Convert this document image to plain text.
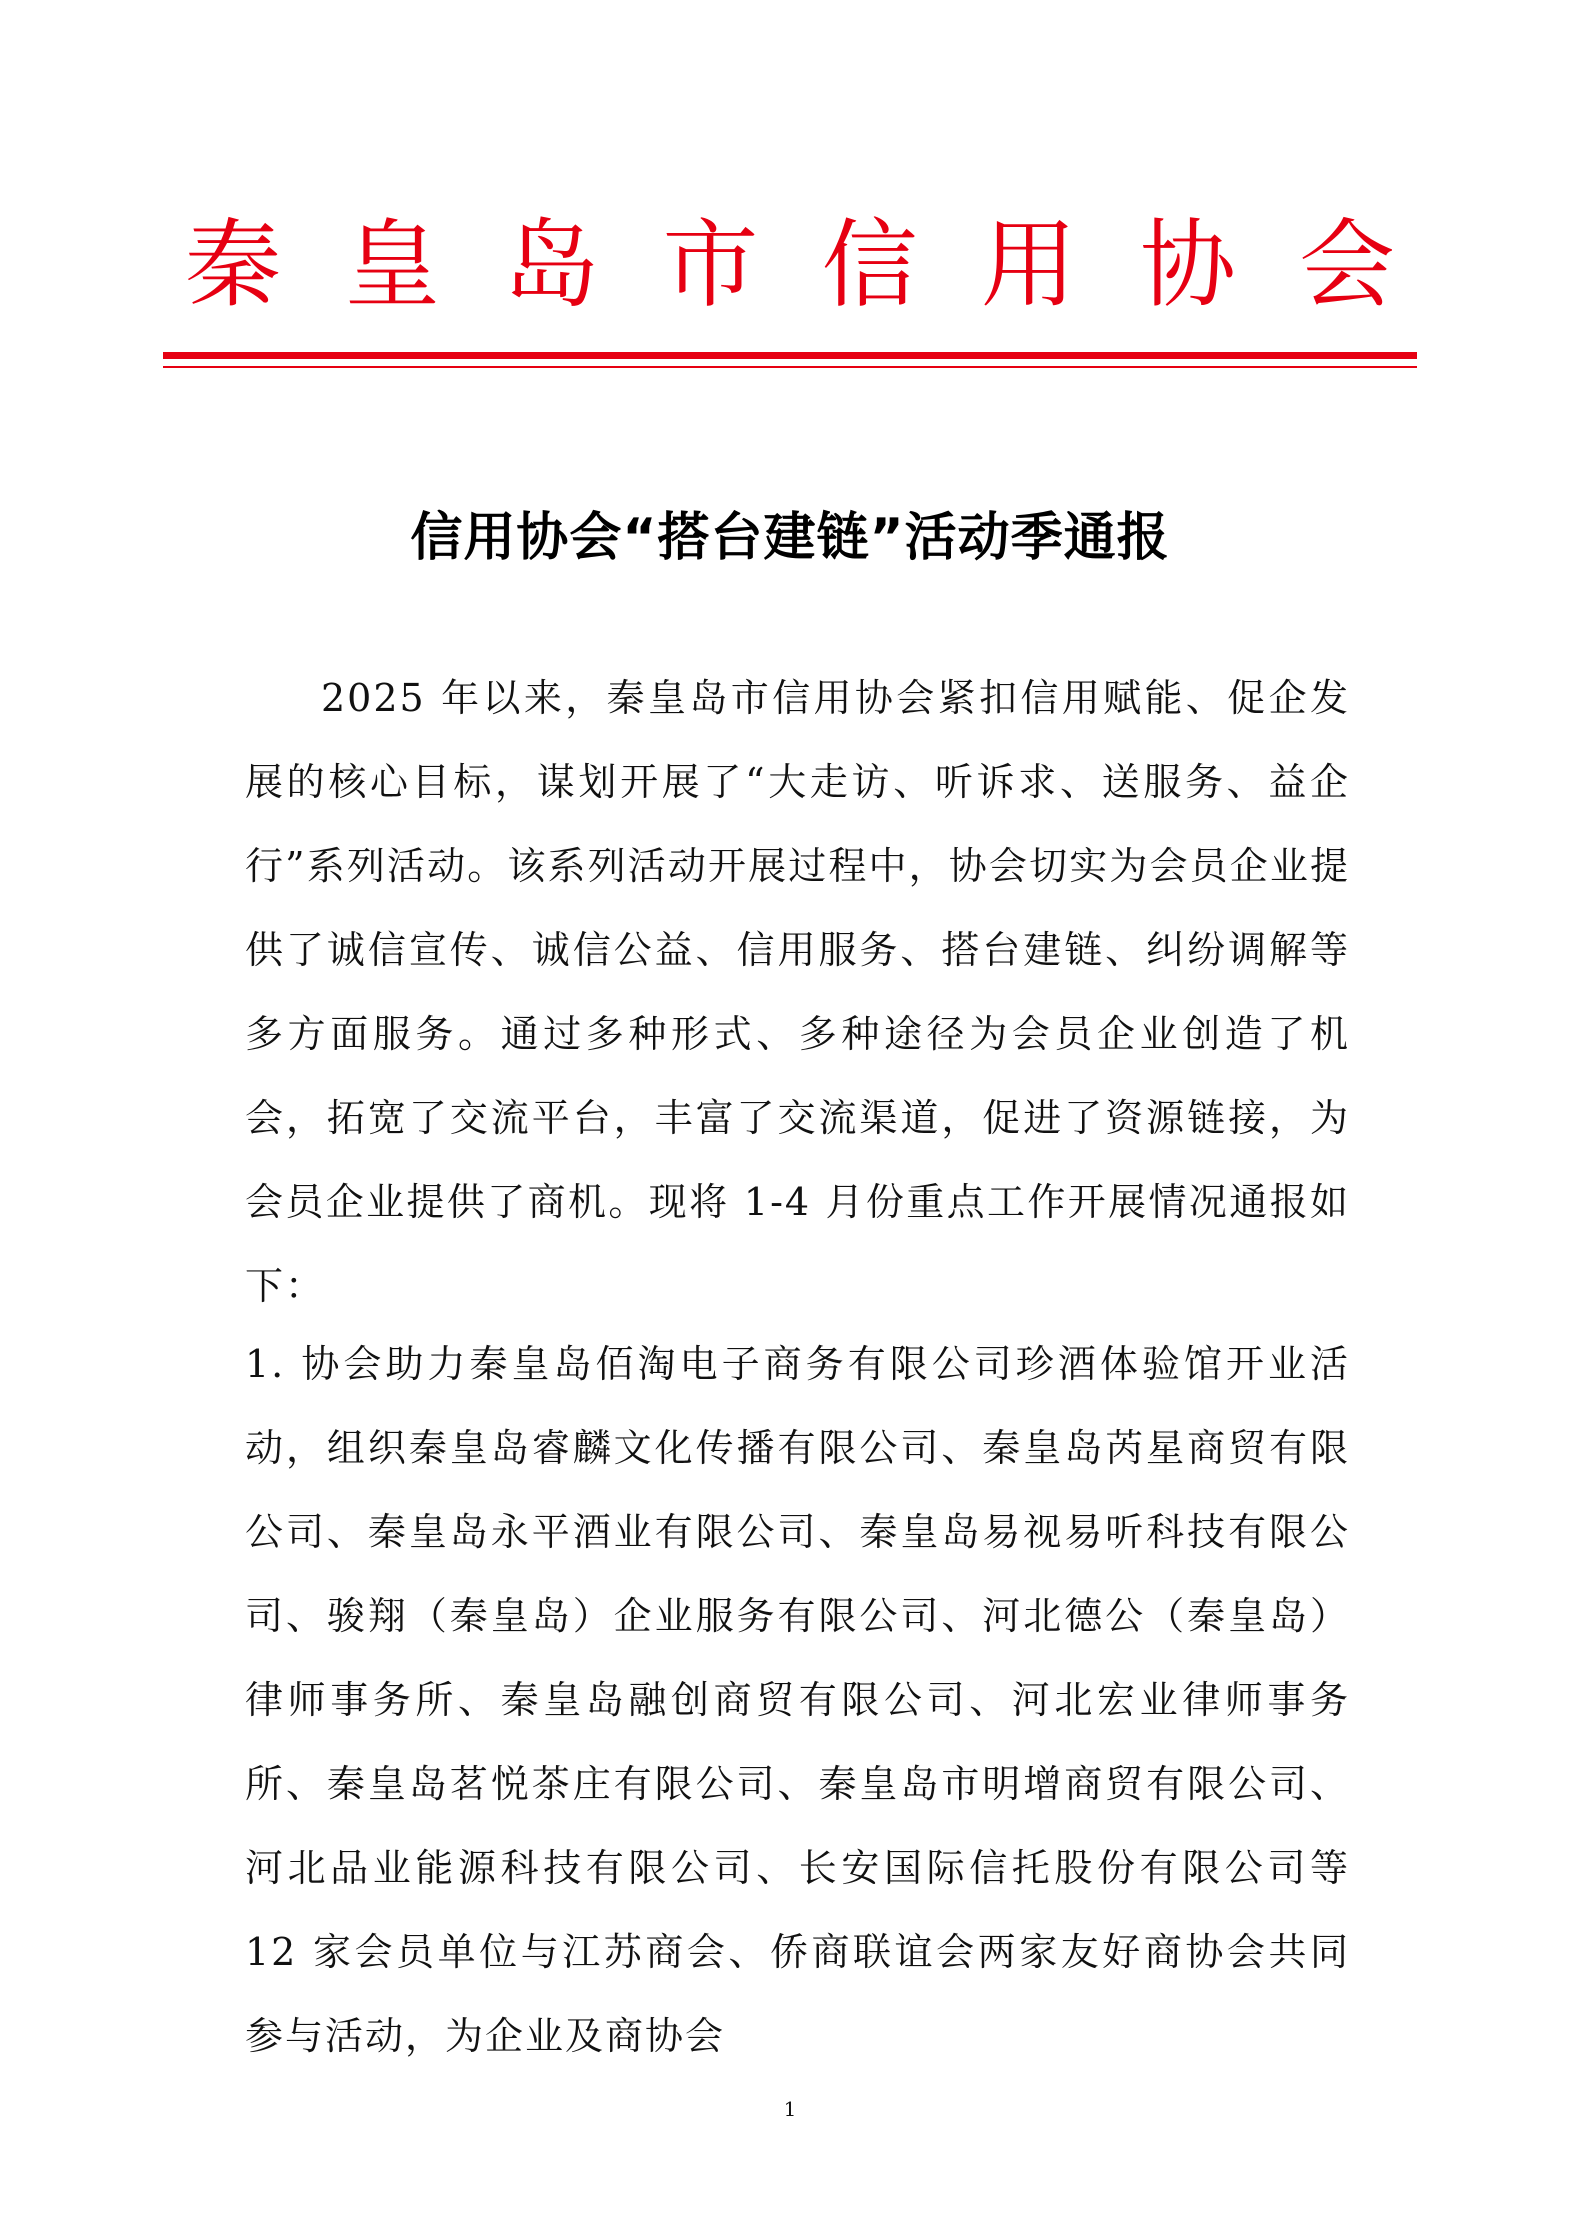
秦 皇 岛 市 信 用 协 会
信用协会“搭台建链”活动季通报

2025 年以来，秦皇岛市信用协会紧扣信用赋能、促企发展的核心目标，谋划开展了“大走访、听诉求、送服务、益企行”系列活动。该系列活动开展过程中，协会切实为会员企业提供了诚信宣传、诚信公益、信用服务、搭台建链、纠纷调解等多方面服务。通过多种形式、多种途径为会员企业创造了机会，拓宽了交流平台，丰富了交流渠道，促进了资源链接，为会员企业提供了商机。现将 1-4 月份重点工作开展情况通报如下：

1. 协会助力秦皇岛佰淘电子商务有限公司珍酒体验馆开业活动，组织秦皇岛睿麟文化传播有限公司、秦皇岛芮星商贸有限公司、秦皇岛永平酒业有限公司、秦皇岛易视易听科技有限公司、骏翔（秦皇岛）企业服务有限公司、河北德公（秦皇岛）律师事务所、秦皇岛融创商贸有限公司、河北宏业律师事务所、秦皇岛茗悦茶庄有限公司、秦皇岛市明增商贸有限公司、河北品业能源科技有限公司、长安国际信托股份有限公司等 12 家会员单位与江苏商会、侨商联谊会两家友好商协会共同参与活动，为企业及商协会

1
